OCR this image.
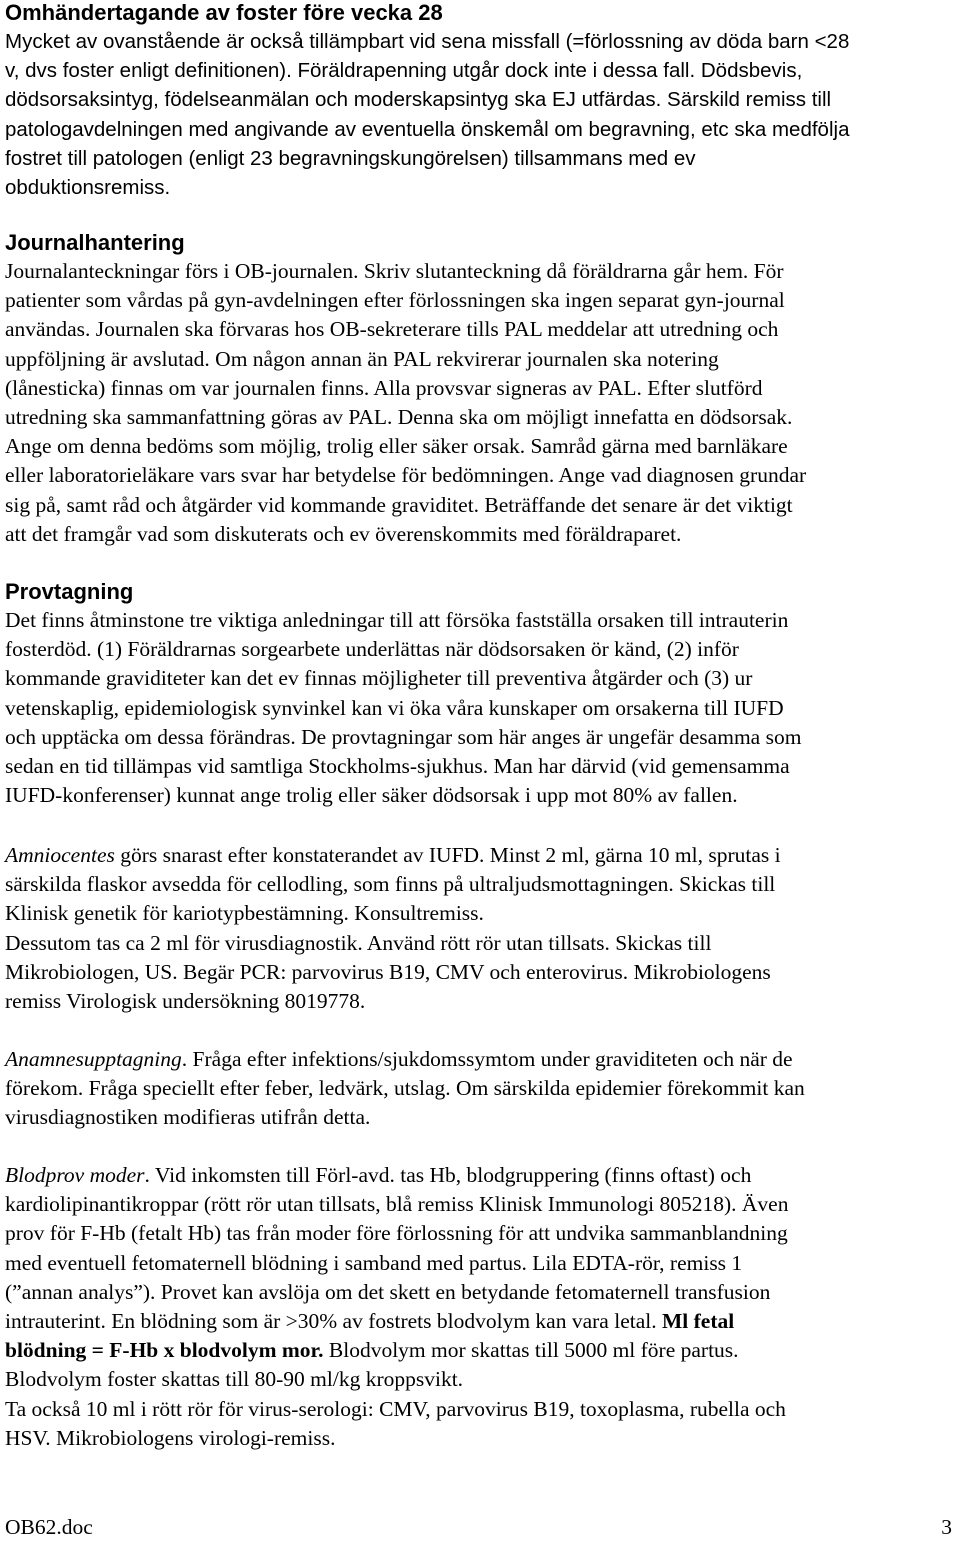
Omhändertagande av foster före vecka 28
Mycket av ovanstående är också tillämpbart vid sena missfall (=förlossning av döda barn <28
v, dvs foster enligt definitionen). Föräldrapenning utgår dock inte i dessa fall. Dödsbevis,
dödsorsaksintyg, födelseanmälan och moderskapsintyg ska EJ utfärdas. Särskild remiss till
patologavdelningen med angivande av eventuella önskemål om begravning, etc ska medfölja
fostret till patologen (enligt 23 begravningskungörelsen) tillsammans med ev
obduktionsremiss.
Journalhantering
Journalanteckningar förs i OB-journalen. Skriv slutanteckning då föräldrarna går hem. För
patienter som vårdas på gyn-avdelningen efter förlossningen ska ingen separat gyn-journal
användas. Journalen ska förvaras hos OB-sekreterare tills PAL meddelar att utredning och
uppföljning är avslutad. Om någon annan än PAL rekvirerar journalen ska notering
(lånesticka) finnas om var journalen finns. Alla provsvar signeras av PAL. Efter slutförd
utredning ska sammanfattning göras av PAL. Denna ska om möjligt innefatta en dödsorsak.
Ange om denna bedöms som möjlig, trolig eller säker orsak. Samråd gärna med barnläkare
eller laboratorieläkare vars svar har betydelse för bedömningen. Ange vad diagnosen grundar
sig på, samt råd och åtgärder vid kommande graviditet. Beträffande det senare är det viktigt
att det framgår vad som diskuterats och ev överenskommits med föräldraparet.
Provtagning
Det finns åtminstone tre viktiga anledningar till att försöka fastställa orsaken till intrauterin
fosterdöd. (1) Föräldrarnas sorgearbete underlättas när dödsorsaken ör känd, (2) inför
kommande graviditeter kan det ev finnas möjligheter till preventiva åtgärder och (3) ur
vetenskaplig, epidemiologisk synvinkel kan vi öka våra kunskaper om orsakerna till IUFD
och upptäcka om dessa förändras. De provtagningar som här anges är ungefär desamma som
sedan en tid tillämpas vid samtliga Stockholms-sjukhus. Man har därvid (vid gemensamma
IUFD-konferenser) kunnat ange trolig eller säker dödsorsak i upp mot 80% av fallen.
Amniocentes görs snarast efter konstaterandet av IUFD. Minst 2 ml, gärna 10 ml, sprutas i
särskilda flaskor avsedda för cellodling, som finns på ultraljudsmottagningen. Skickas till
Klinisk genetik för kariotypbestämning. Konsultremiss.
Dessutom tas ca 2 ml för virusdiagnostik. Använd rött rör utan tillsats. Skickas till
Mikrobiologen, US. Begär PCR: parvovirus B19, CMV och enterovirus. Mikrobiologens
remiss Virologisk undersökning 8019778.
Anamnesupptagning. Fråga efter infektions/sjukdomssymtom under graviditeten och när de
förekom. Fråga speciellt efter feber, ledvärk, utslag. Om särskilda epidemier förekommit kan
virusdiagnostiken modifieras utifrån detta.
Blodprov moder. Vid inkomsten till Förl-avd. tas Hb, blodgruppering (finns oftast) och
kardiolipinantikroppar (rött rör utan tillsats, blå remiss Klinisk Immunologi 805218). Även
prov för F-Hb (fetalt Hb) tas från moder före förlossning för att undvika sammanblandning
med eventuell fetomaternell blödning i samband med partus. Lila EDTA-rör, remiss 1
(”annan analys”). Provet kan avslöja om det skett en betydande fetomaternell transfusion
intrauterint. En blödning som är >30% av fostrets blodvolym kan vara letal. Ml fetal
blödning = F-Hb x blodvolym mor. Blodvolym mor skattas till 5000 ml före partus.
Blodvolym foster skattas till 80-90 ml/kg kroppsvikt.
Ta också 10 ml i rött rör för virus-serologi: CMV, parvovirus B19, toxoplasma, rubella och
HSV. Mikrobiologens virologi-remiss.
OB62.doc	3
